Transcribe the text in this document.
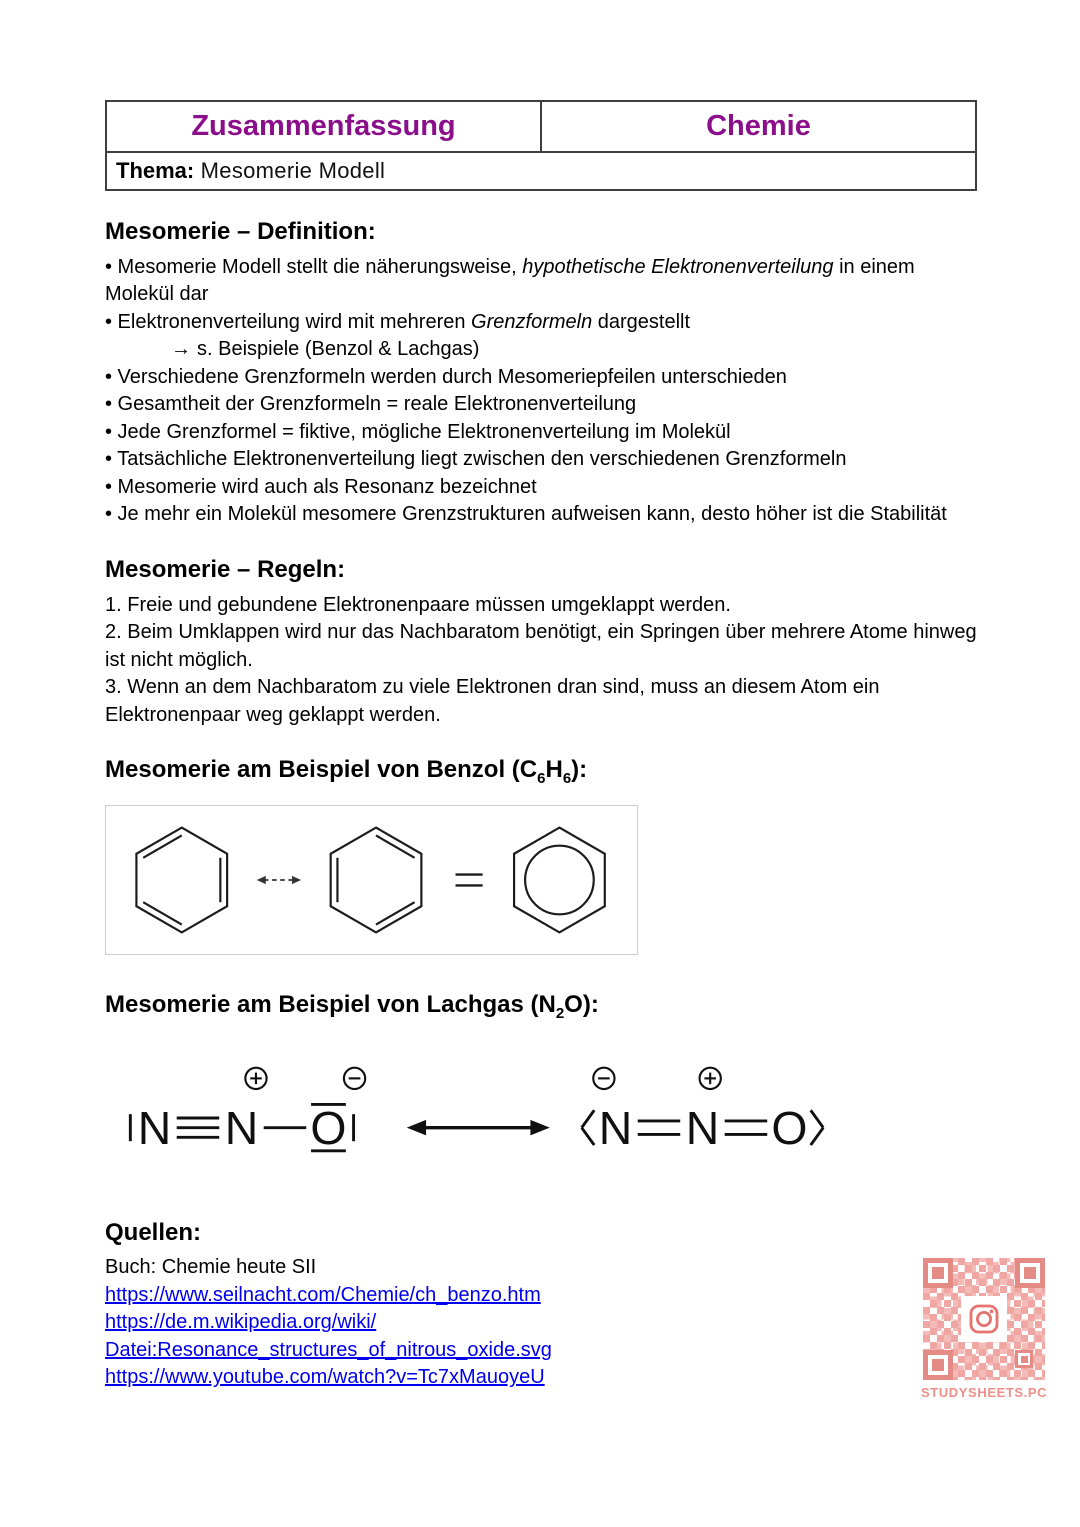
Zusammenfassung	Chemie
Thema: Mesomerie Modell
Mesomerie – Definition:

• Mesomerie Modell stellt die näherungsweise, hypothetische Elektronenverteilung in einem Molekül dar

• Elektronenverteilung wird mit mehreren Grenzformeln dargestellt

→ s. Beispiele (Benzol & Lachgas)

• Verschiedene Grenzformeln werden durch Mesomeriepfeilen unterschieden

• Gesamtheit der Grenzformeln = reale Elektronenverteilung

• Jede Grenzformel = fiktive, mögliche Elektronenverteilung im Molekül

• Tatsächliche Elektronenverteilung liegt zwischen den verschiedenen Grenzformeln

• Mesomerie wird auch als Resonanz bezeichnet

• Je mehr ein Molekül mesomere Grenzstrukturen aufweisen kann, desto höher ist die Stabilität

Mesomerie – Regeln:

1. Freie und gebundene Elektronenpaare müssen umgeklappt werden.

2. Beim Umklappen wird nur das Nachbaratom benötigt, ein Springen über mehrere Atome hinweg ist nicht möglich.

3. Wenn an dem Nachbaratom zu viele Elektronen dran sind, muss an diesem Atom ein Elektronenpaar weg geklappt werden.

Mesomerie am Beispiel von Benzol $(C_6H_6)$:
Mesomerie am Beispiel von Lachgas $(N_2O)$:
N N O	N N O
Quellen:

Buch: Chemie heute SII

https://www.seilnacht.com/Chemie/ch_benzo.htm
https://de.m.wikipedia.org/wiki/
Datei:Resonance_structures_of_nitrous_oxide.svg
https://www.youtube.com/watch?v=Tc7xMauoyeU
STUDYSHEETS.PC
